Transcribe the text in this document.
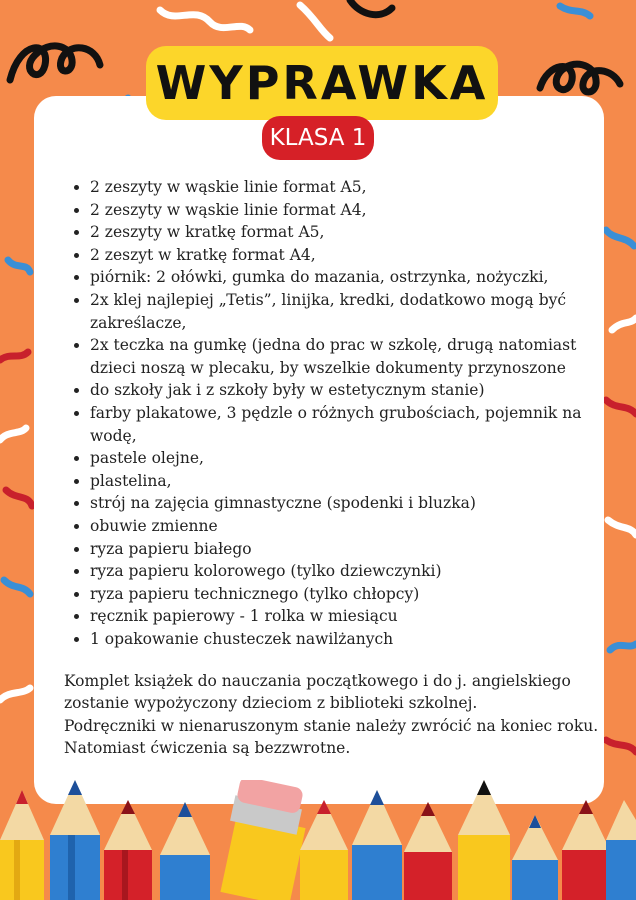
WYPRAWKA
KLASA 1
• 2 zeszyty w wąskie linie format A5,
• 2 zeszyty w wąskie linie format A4,
• 2 zeszyty w kratkę format A5,
• 2 zeszyt w kratkę format A4,
• piórnik: 2 ołówki, gumka do mazania, ostrzynka, nożyczki,
• 2x klej najlepiej „Tetis”, linijka, kredki, dodatkowo mogą być zakreślacze,
• 2x teczka na gumkę (jedna do prac w szkolę, drugą natomiast dzieci noszą w plecaku, by wszelkie dokumenty przynoszone
• do szkoły jak i z szkoły były w estetycznym stanie)
• farby plakatowe, 3 pędzle o różnych grubościach, pojemnik na wodę,
• pastele olejne,
• plastelina,
• strój na zajęcia gimnastyczne (spodenki i bluzka)
• obuwie zmienne
• ryza papieru białego
• ryza papieru kolorowego (tylko dziewczynki)
• ryza papieru technicznego (tylko chłopcy)
• ręcznik papierowy - 1 rolka w miesiącu
• 1 opakowanie chusteczek nawilżanych
Komplet książek do nauczania początkowego i do j. angielskiego
zostanie wypożyczony dzieciom z biblioteki szkolnej.
Podręczniki w nienaruszonym stanie należy zwrócić na koniec roku.
Natomiast ćwiczenia są bezzwrotne.
